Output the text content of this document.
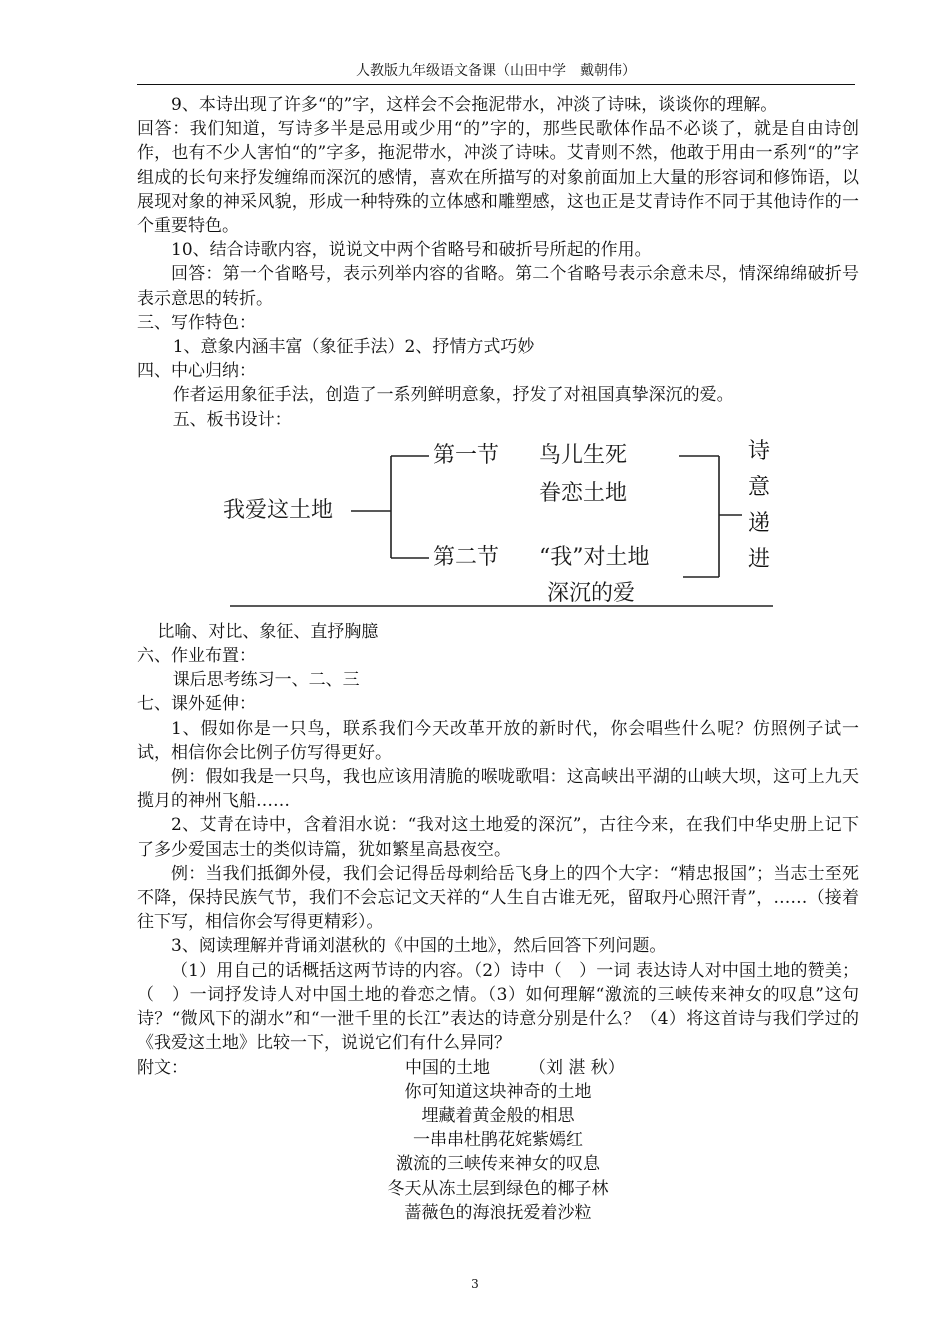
人教版九年级语文备课（山田中学　戴朝伟）

9、本诗出现了许多“的”字，这样会不会拖泥带水，冲淡了诗味，谈谈你的理解。

回答：我们知道，写诗多半是忌用或少用“的”字的，那些民歌体作品不必谈了，就是自由诗创作，也有不少人害怕“的”字多，拖泥带水，冲淡了诗味。艾青则不然，他敢于用由一系列“的”字组成的长句来抒发缠绵而深沉的感情，喜欢在所描写的对象前面加上大量的形容词和修饰语，以展现对象的神采风貌，形成一种特殊的立体感和雕塑感，这也正是艾青诗作不同于其他诗作的一个重要特色。

10、结合诗歌内容，说说文中两个省略号和破折号所起的作用。

回答：第一个省略号，表示列举内容的省略。第二个省略号表示余意未尽，情深绵绵破折号表示意思的转折。

三、写作特色：

1、意象内涵丰富（象征手法）2、抒情方式巧妙

四、中心归纳：

作者运用象征手法，创造了一系列鲜明意象，抒发了对祖国真挚深沉的爱。

五、板书设计：

我爱这土地
第一节 鸟儿生死
眷恋土地
第二节 “我”对土地
深沉的爱
诗
意
递
进

比喻、对比、象征、直抒胸臆

六、作业布置：

课后思考练习一、二、三

七、课外延伸：

1、假如你是一只鸟，联系我们今天改革开放的新时代，你会唱些什么呢？仿照例子试一试，相信你会比例子仿写得更好。

例：假如我是一只鸟，我也应该用清脆的喉咙歌唱：这高峡出平湖的山峡大坝，这可上九天揽月的神州飞船……

2、艾青在诗中，含着泪水说：“我对这土地爱的深沉”，古往今来，在我们中华史册上记下了多少爱国志士的类似诗篇，犹如繁星高悬夜空。

例：当我们抵御外侵，我们会记得岳母刺给岳飞身上的四个大字：“精忠报国”；当志士至死不降，保持民族气节，我们不会忘记文天祥的“人生自古谁无死，留取丹心照汗青”，……（接着往下写，相信你会写得更精彩）。

3、阅读理解并背诵刘湛秋的《中国的土地》，然后回答下列问题。

（1）用自己的话概括这两节诗的内容。（2）诗中（　）一词 表达诗人对中国土地的赞美；（　）一词抒发诗人对中国土地的眷恋之情。（3）如何理解“激流的三峡传来神女的叹息”这句诗？“微风下的湖水”和“一泄千里的长江”表达的诗意分别是什么？（4）将这首诗与我们学过的《我爱这土地》比较一下，说说它们有什么异同？

附文：	中国的土地 （刘 湛 秋）

你可知道这块神奇的土地

埋藏着黄金般的相思

一串串杜鹃花姹紫嫣红

激流的三峡传来神女的叹息

冬天从冻土层到绿色的椰子林

蔷薇色的海浪抚爱着沙粒

3
